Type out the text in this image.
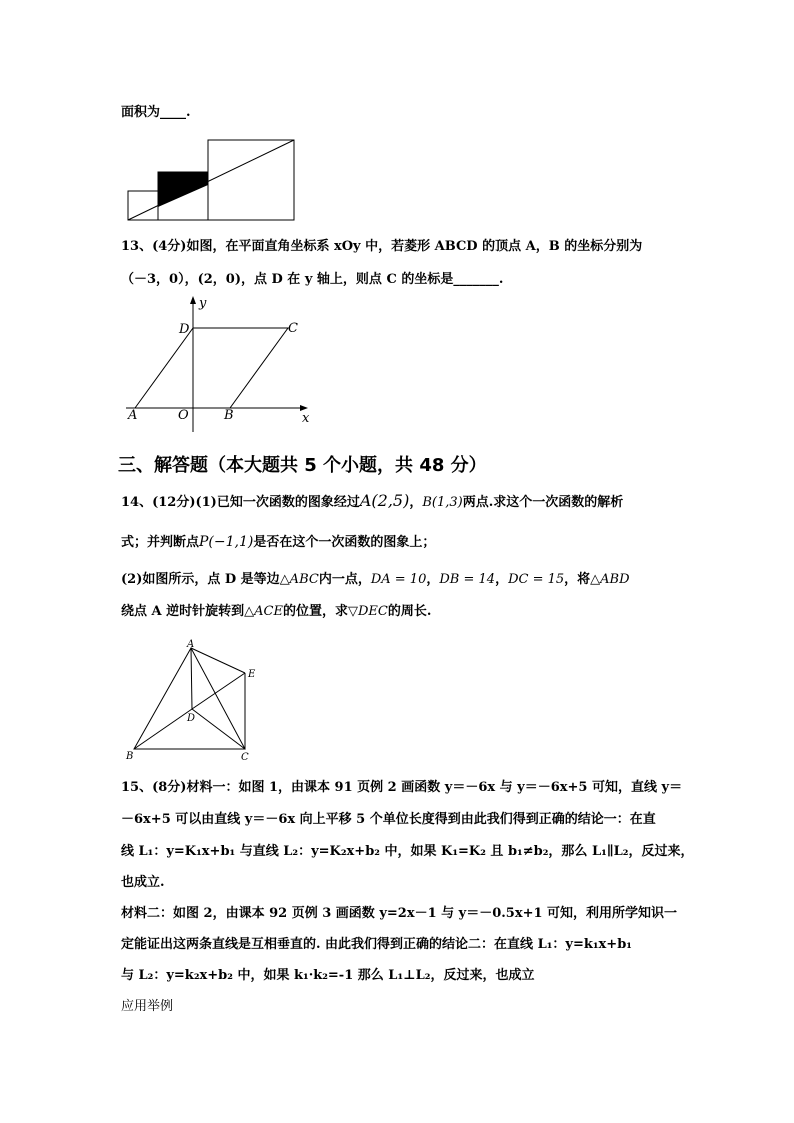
面积为____.
13、(4分)如图，在平面直角坐标系 xOy 中，若菱形 ABCD 的顶点 A，B 的坐标分别为
（－3，0），(2，0)，点 D 在 y 轴上，则点 C 的坐标是_______.
y
x
D	C
A	O	B
三、解答题（本大题共 5 个小题，共 48 分）
14、(12分)(1)已知一次函数的图象经过A(2,5)，B(1,3)两点.求这个一次函数的解析
式；并判断点P(−1,1)是否在这个一次函数的图象上；
(2)如图所示，点 D 是等边△ABC内一点，DA = 10，DB = 14，DC = 15，将△ABD
绕点 A 逆时针旋转到△ACE的位置，求▽DEC的周长.
A
E
D
B	C
15、(8分)材料一：如图 1，由课本 91 页例 2 画函数 y＝－6x 与 y＝－6x+5 可知，直线 y＝
－6x+5 可以由直线 y＝－6x 向上平移 5 个单位长度得到由此我们得到正确的结论一：在直
线 L₁：y=K₁x+b₁ 与直线 L₂：y=K₂x+b₂ 中，如果 K₁=K₂ 且 b₁≠b₂，那么 L₁∥L₂，反过来，
也成立.
材料二：如图 2，由课本 92 页例 3 画函数 y=2x－1 与 y＝－0.5x+1 可知，利用所学知识一
定能证出这两条直线是互相垂直的. 由此我们得到正确的结论二：在直线 L₁：y=k₁x+b₁
与 L₂：y=k₂x+b₂ 中，如果 k₁·k₂=-1 那么 L₁⊥L₂，反过来，也成立
应用举例
